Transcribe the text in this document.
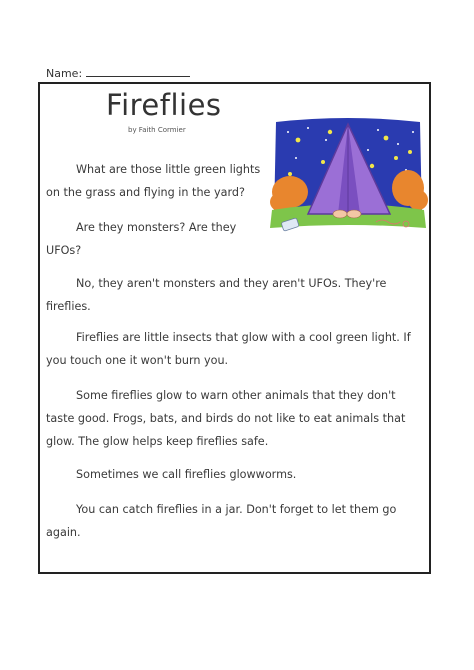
Name:
Fireflies
by Faith Cormier
What are those little green lights
on the grass and flying in the yard?
Are they monsters? Are they
UFOs?
No, they aren't monsters and they aren't UFOs. They're
fireflies.
Fireflies are little insects that glow with a cool green light. If
you touch one it won't burn you.
Some fireflies glow to warn other animals that they don't
taste good. Frogs, bats, and birds do not like to eat animals that
glow. The glow helps keep fireflies safe.
Sometimes we call fireflies glowworms.
You can catch fireflies in a jar. Don't forget to let them go
again.
